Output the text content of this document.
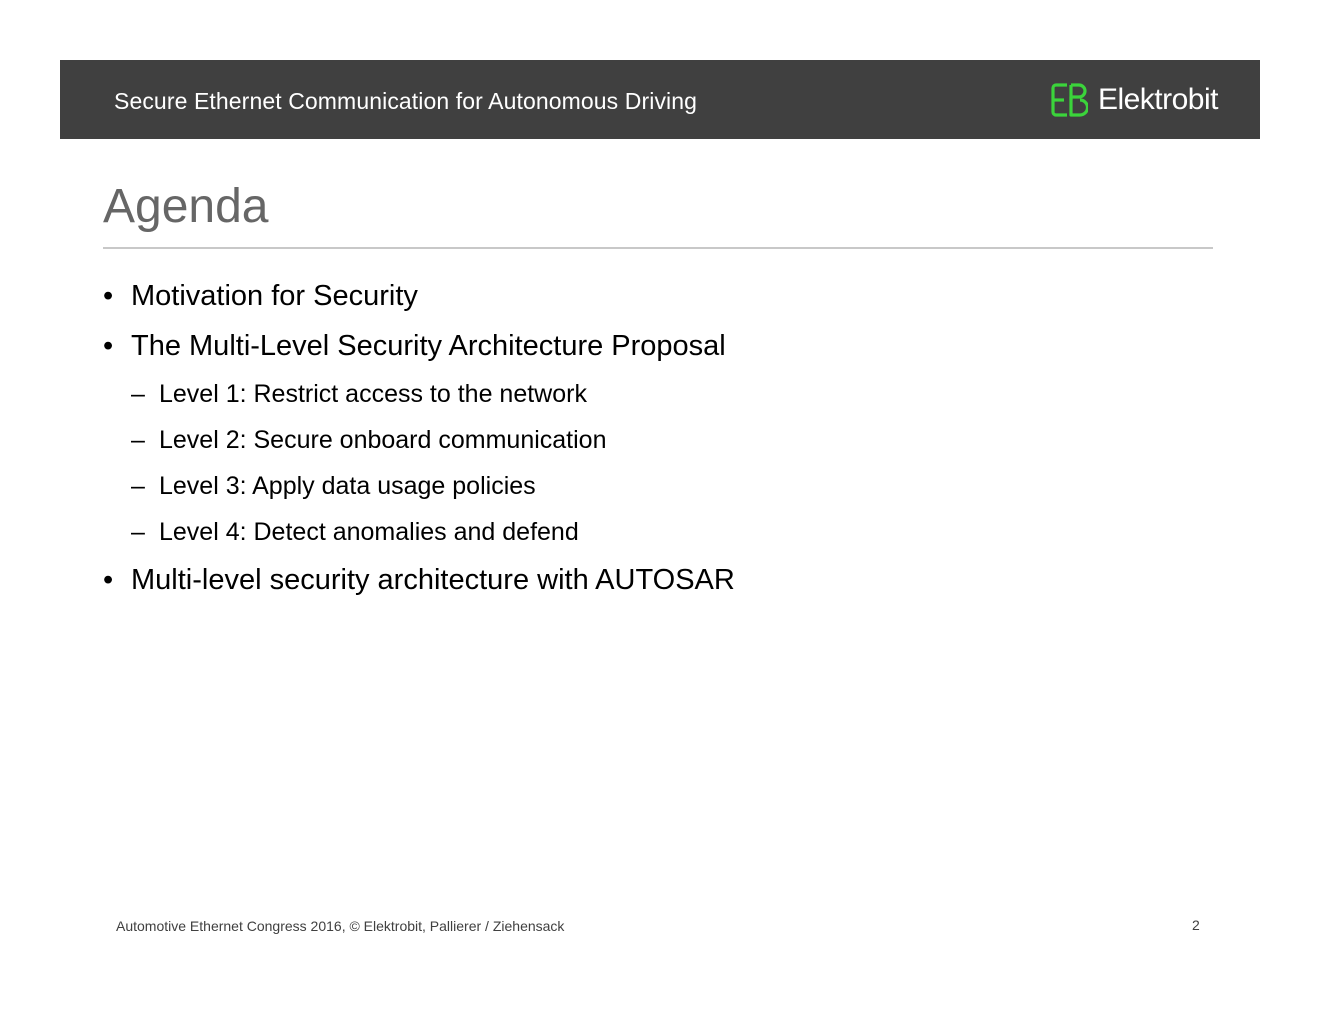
Secure Ethernet Communication for Autonomous Driving	Elektrobit
Agenda
• Motivation for Security
• The Multi-Level Security Architecture Proposal
– Level 1: Restrict access to the network
– Level 2: Secure onboard communication
– Level 3: Apply data usage policies
– Level 4: Detect anomalies and defend
• Multi-level security architecture with AUTOSAR
Automotive Ethernet Congress 2016, © Elektrobit, Pallierer / Ziehensack	2
